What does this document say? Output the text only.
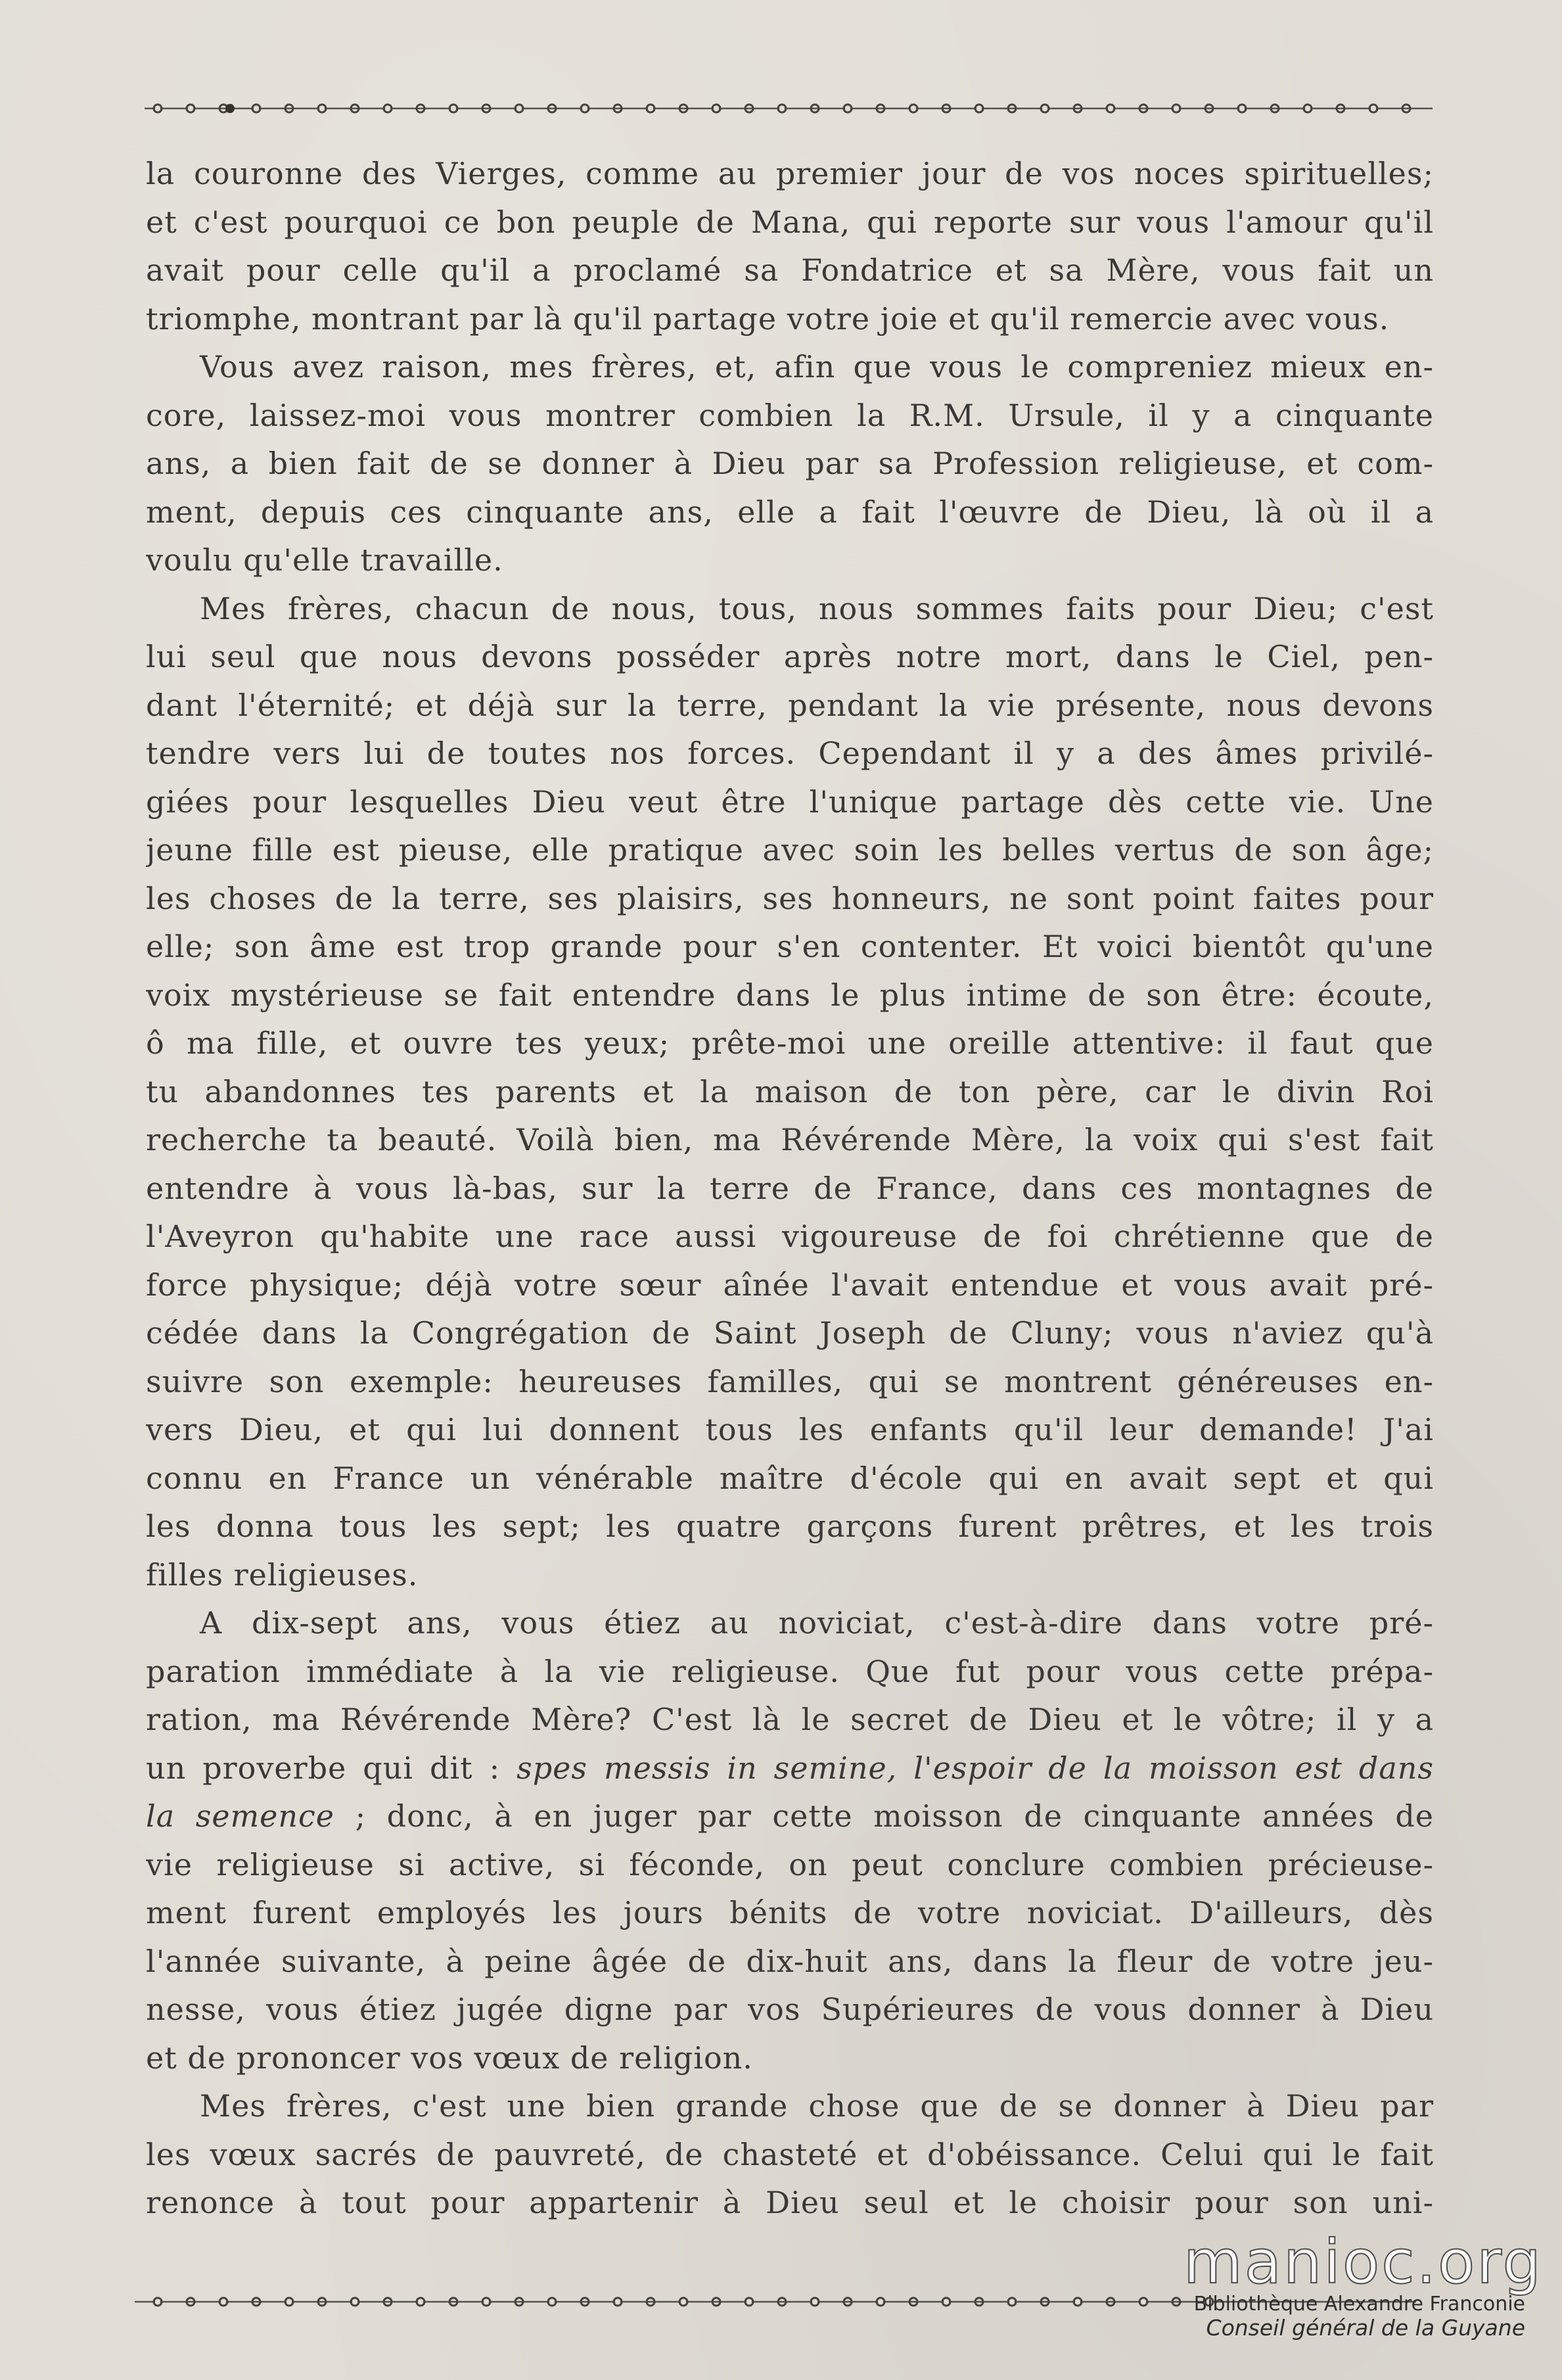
la couronne des Vierges, comme au premier jour de vos noces spirituelles;
et c'est pourquoi ce bon peuple de Mana, qui reporte sur vous l'amour qu'il
avait pour celle qu'il a proclamé sa Fondatrice et sa Mère, vous fait un
triomphe, montrant par là qu'il partage votre joie et qu'il remercie avec vous.
Vous avez raison, mes frères, et, afin que vous le compreniez mieux en-
core, laissez-moi vous montrer combien la R.M. Ursule, il y a cinquante
ans, a bien fait de se donner à Dieu par sa Profession religieuse, et com-
ment, depuis ces cinquante ans, elle a fait l'œuvre de Dieu, là où il a
voulu qu'elle travaille.
Mes frères, chacun de nous, tous, nous sommes faits pour Dieu; c'est
lui seul que nous devons posséder après notre mort, dans le Ciel, pen-
dant l'éternité; et déjà sur la terre, pendant la vie présente, nous devons
tendre vers lui de toutes nos forces. Cependant il y a des âmes privilé-
giées pour lesquelles Dieu veut être l'unique partage dès cette vie. Une
jeune fille est pieuse, elle pratique avec soin les belles vertus de son âge;
les choses de la terre, ses plaisirs, ses honneurs, ne sont point faites pour
elle; son âme est trop grande pour s'en contenter. Et voici bientôt qu'une
voix mystérieuse se fait entendre dans le plus intime de son être: écoute,
ô ma fille, et ouvre tes yeux; prête-moi une oreille attentive: il faut que
tu abandonnes tes parents et la maison de ton père, car le divin Roi
recherche ta beauté. Voilà bien, ma Révérende Mère, la voix qui s'est fait
entendre à vous là-bas, sur la terre de France, dans ces montagnes de
l'Aveyron qu'habite une race aussi vigoureuse de foi chrétienne que de
force physique; déjà votre sœur aînée l'avait entendue et vous avait pré-
cédée dans la Congrégation de Saint Joseph de Cluny; vous n'aviez qu'à
suivre son exemple: heureuses familles, qui se montrent généreuses en-
vers Dieu, et qui lui donnent tous les enfants qu'il leur demande! J'ai
connu en France un vénérable maître d'école qui en avait sept et qui
les donna tous les sept; les quatre garçons furent prêtres, et les trois
filles religieuses.
A dix-sept ans, vous étiez au noviciat, c'est-à-dire dans votre pré-
paration immédiate à la vie religieuse. Que fut pour vous cette prépa-
ration, ma Révérende Mère? C'est là le secret de Dieu et le vôtre; il y a
un proverbe qui dit : spes messis in semine, l'espoir de la moisson est dans
la semence ; donc, à en juger par cette moisson de cinquante années de
vie religieuse si active, si féconde, on peut conclure combien précieuse-
ment furent employés les jours bénits de votre noviciat. D'ailleurs, dès
l'année suivante, à peine âgée de dix-huit ans, dans la fleur de votre jeu-
nesse, vous étiez jugée digne par vos Supérieures de vous donner à Dieu
et de prononcer vos vœux de religion.
Mes frères, c'est une bien grande chose que de se donner à Dieu par
les vœux sacrés de pauvreté, de chasteté et d'obéissance. Celui qui le fait
renonce à tout pour appartenir à Dieu seul et le choisir pour son uni-
manioc.org
Bibliothèque Alexandre Franconie
Conseil général de la Guyane
